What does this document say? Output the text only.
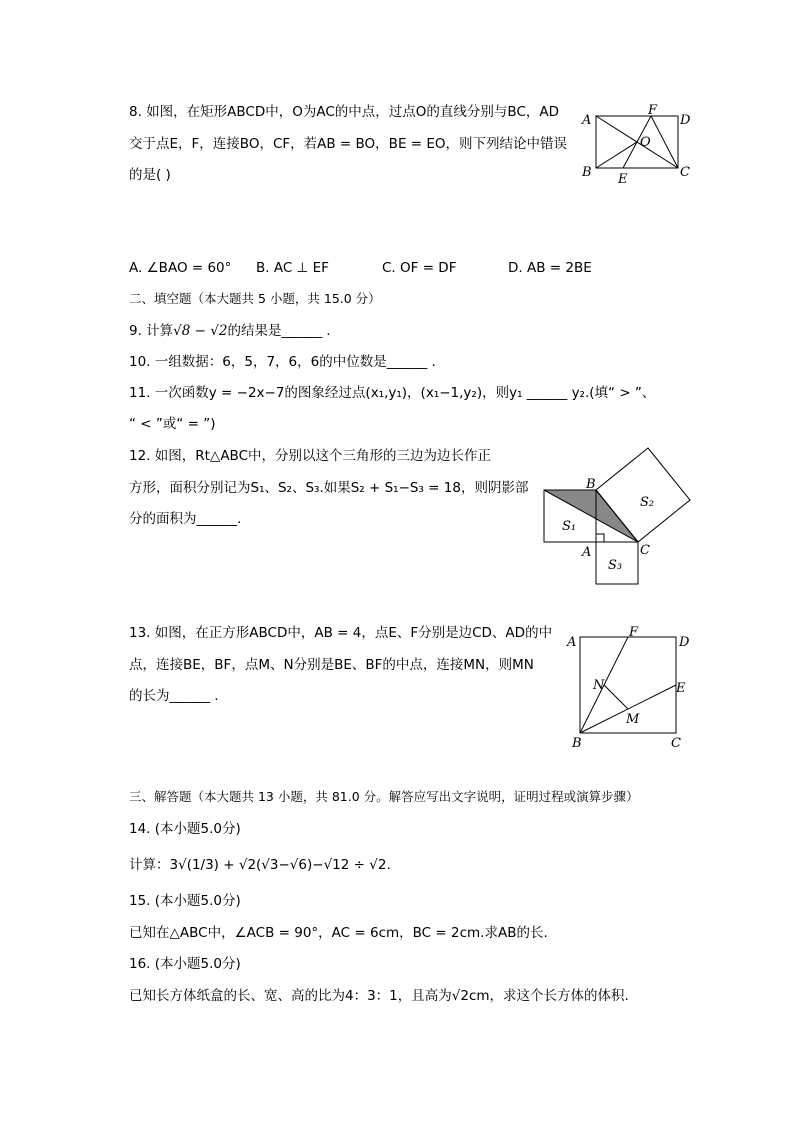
8. 如图，在矩形ABCD中，O为AC的中点，过点O的直线分别与BC，AD
交于点E，F，连接BO，CF，若AB = BO，BE = EO，则下列结论中错误
的是( )
A
F
D
O
B E	C
A. ∠BAO = 60° B. AC ⊥ EF	C. OF = DF	D. AB = 2BE
二、填空题（本大题共 5 小题，共 15.0 分）
9. 计算√8 − √2的结果是______ .
10. 一组数据：6，5，7，6，6的中位数是______ .
11. 一次函数y = −2x−7的图象经过点(x₁,y₁)，(x₁−1,y₂)，则y₁ ______ y₂.(填“ > ”、
“ < ”或“ = ”)
12. 如图，Rt△ABC中，分别以这个三角形的三边为边长作正
方形，面积分别记为S₁、S₂、S₃.如果S₂ + S₁−S₃ = 18，则阴影部
分的面积为______.
B
A	C
S₁
S₂
S₃
13. 如图，在正方形ABCD中，AB = 4，点E、F分别是边CD、AD的中
点，连接BE，BF，点M、N分别是BE、BF的中点，连接MN，则MN
的长为______ .
A
F
D
N	E
M
B	C
三、解答题（本大题共 13 小题，共 81.0 分。解答应写出文字说明，证明过程或演算步骤）
14. (本小题5.0分)
计算：3√(1/3) + √2(√3−√6)−√12 ÷ √2.
15. (本小题5.0分)
已知在△ABC中，∠ACB = 90°，AC = 6cm，BC = 2cm.求AB的长.
16. (本小题5.0分)
已知长方体纸盒的长、宽、高的比为4：3：1，且高为√2cm，求这个长方体的体积.
